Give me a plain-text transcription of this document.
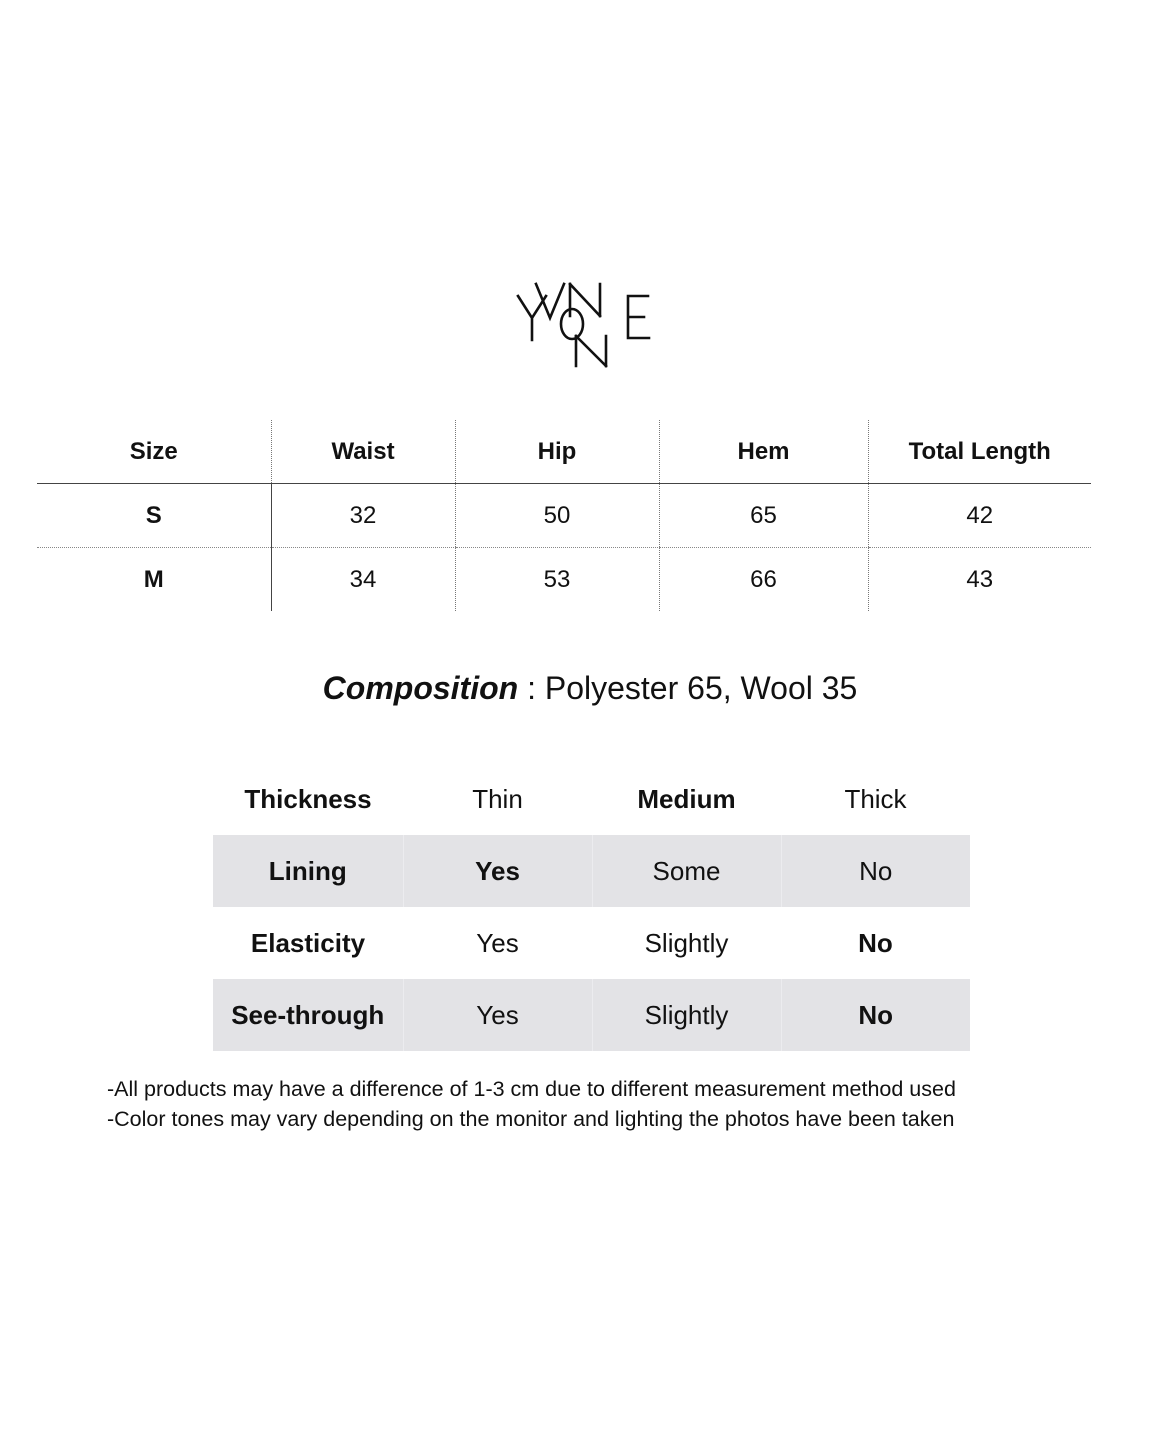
Size	Waist	Hip	Hem	Total Length
S	32	50	65	42
M	34	53	66	43
Composition : Polyester 65, Wool 35
Thickness	Thin	Medium	Thick
Lining	Yes	Some	No
Elasticity	Yes	Slightly	No
See-through	Yes	Slightly	No
-All products may have a difference of 1-3 cm due to different measurement method used
-Color tones may vary depending on the monitor and lighting the photos have been taken
